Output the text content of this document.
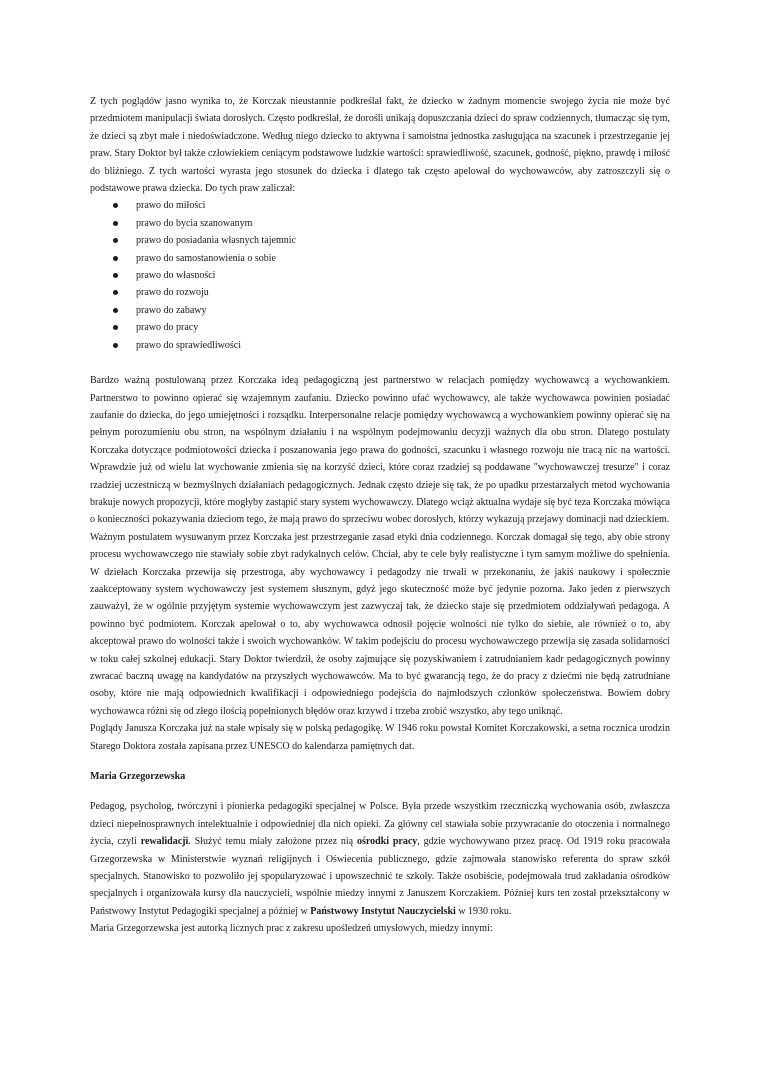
Z tych poglądów jasno wynika to, że Korczak nieustannie podkreślał fakt, że dziecko w żadnym momencie swojego życia nie może być przedmiotem manipulacji świata dorosłych. Często podkreślał, że dorośli unikają dopuszczania dzieci do spraw codziennych, tłumacząc się tym, że dzieci są zbyt małe i niedoświadczone. Według niego dziecko to aktywna i samoistna jednostka zasługująca na szacunek i przestrzeganie jej praw. Stary Doktor był także człowiekiem ceniącym podstawowe ludzkie wartości: sprawiedliwość, szacunek, godność, piękno, prawdę i miłość do bliźniego. Z tych wartości wyrasta jego stosunek do dziecka i dlatego tak często apelował do wychowawców, aby zatroszczyli się o podstawowe prawa dziecka. Do tych praw zaliczał:

prawo do miłości
prawo do bycia szanowanym
prawo do posiadania własnych tajemnic
prawo do samostanowienia o sobie
prawo do własności
prawo do rozwoju
prawo do zabawy
prawo do pracy
prawo do sprawiedliwości

Bardzo ważną postulowaną przez Korczaka ideą pedagogiczną jest partnerstwo w relacjach pomiędzy wychowawcą a wychowankiem. Partnerstwo to powinno opierać się wzajemnym zaufaniu. Dziecko powinno ufać wychowawcy, ale także wychowawca powinien posiadać zaufanie do dziecka, do jego umiejętności i rozsądku. Interpersonalne relacje pomiędzy wychowawcą a wychowankiem powinny opierać się na pełnym porozumieniu obu stron, na wspólnym działaniu i na wspólnym podejmowaniu decyzji ważnych dla obu stron. Dlatego postulaty Korczaka dotyczące podmiotowości dziecka i poszanowania jego prawa do godności, szacunku i własnego rozwoju nie tracą nic na wartości. Wprawdzie już od wielu lat wychowanie zmienia się na korzyść dzieci, które coraz rzadziej są poddawane "wychowawczej tresurze" i coraz rzadziej uczestniczą w bezmyślnych działaniach pedagogicznych. Jednak często dzieje się tak, że po upadku przestarzałych metod wychowania brakuje nowych propozycji, które mogłyby zastąpić stary system wychowawczy. Dlatego wciąż aktualna wydaje się być teza Korczaka mówiąca o konieczności pokazywania dzieciom tego, że mają prawo do sprzeciwu wobec dorosłych, którzy wykazują przejawy dominacji nad dzieckiem.

Ważnym postulatem wysuwanym przez Korczaka jest przestrzeganie zasad etyki dnia codziennego. Korczak domagał się tego, aby obie strony procesu wychowawczego nie stawiały sobie zbyt radykalnych celów. Chciał, aby te cele były realistyczne i tym samym możliwe do spełnienia. W dziełach Korczaka przewija się przestroga, aby wychowawcy i pedagodzy nie trwali w przekonaniu, że jakiś naukowy i społecznie zaakceptowany system wychowawczy jest systemem słusznym, gdyż jego skuteczność może być jedynie pozorna. Jako jeden z pierwszych zauważył, że w ogólnie przyjętym systemie wychowawczym jest zazwyczaj tak, że dziecko staje się przedmiotem oddziaływań pedagoga. A powinno być podmiotem. Korczak apelował o to, aby wychowawca odnosił pojęcie wolności nie tylko do siebie, ale również o to, aby akceptował prawo do wolności także i swoich wychowanków. W takim podejściu do procesu wychowawczego przewija się zasada solidarności w toku całej szkolnej edukacji. Stary Doktor twierdził, że osoby zajmujące się pozyskiwaniem i zatrudnianiem kadr pedagogicznych powinny zwracać baczną uwagę na kandydatów na przyszłych wychowawców. Ma to być gwarancją tego, że do pracy z dziećmi nie będą zatrudniane osoby, które nie mają odpowiednich kwalifikacji i odpowiedniego podejścia do najmłodszych członków społeczeństwa. Bowiem dobry wychowawca różni się od złego ilością popełnionych błędów oraz krzywd i trzeba zrobić wszystko, aby tego uniknąć.

Poglądy Janusza Korczaka już na stałe wpisały się w polską pedagogikę. W 1946 roku powstał Komitet Korczakowski, a setna rocznica urodzin Starego Doktora została zapisana przez UNESCO do kalendarza pamiętnych dat.

Maria Grzegorzewska

Pedagog, psycholog, twórczyni i pionierka pedagogiki specjalnej w Polsce. Była przede wszystkim rzeczniczką wychowania osób, zwłaszcza dzieci niepełnosprawnych intelektualnie i odpowiedniej dla nich opieki. Za główny cel stawiała sobie przywracanie do otoczenia i normalnego życia, czyli rewalidacji. Służyć temu miały założone przez nią ośrodki pracy, gdzie wychowywano przez pracę. Od 1919 roku pracowała Grzegorzewska w Ministerstwie wyznań religijnych i Oświecenia publicznego, gdzie zajmowała stanowisko referenta do spraw szkół specjalnych. Stanowisko to pozwoliło jej spopularyzować i upowszechnić te szkoły. Także osobiście, podejmowała trud zakładania ośrodków specjalnych i organizowała kursy dla nauczycieli, wspólnie miedzy innymi z Januszem Korczakiem. Później kurs ten został przekształcony w Państwowy Instytut Pedagogiki specjalnej a później w Państwowy Instytut Nauczycielski w 1930 roku.

Maria Grzegorzewska jest autorką licznych prac z zakresu upośledzeń umysłowych, miedzy innymi:
